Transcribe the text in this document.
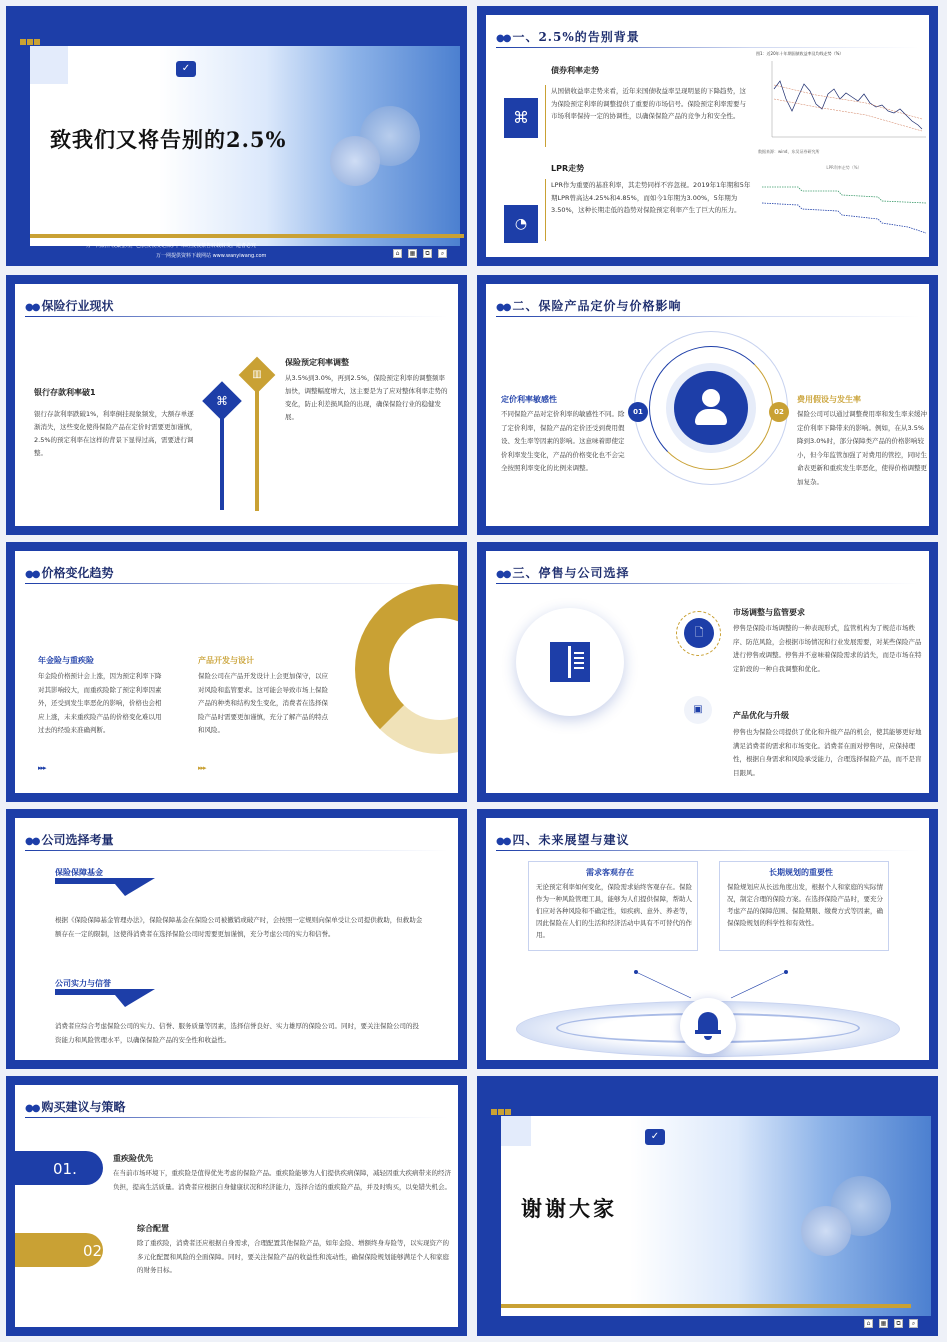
✓
致我们又将告别的2.5%
万一网制作收集整理，已获授权及记保护。未经授权禁售转载转发。违者必究
万一网提供资料下载网站 www.wanyiwang.com	⌂	▦	⧉	⌕
●● 一、2.5%的告别背景
债券利率走势
⌘
从国债收益率走势来看，近年来国债收益率呈现明显的下降趋势，这为保险预定利率的调整提供了重要的市场信号。保险预定利率需要与市场利率保持一定的协调性，以确保保险产品的竞争力和安全性。
LPR走势
◔
LPR作为重要的基准利率，其走势同样不容忽视。2019年1年期和5年期LPR曾高达4.25%和4.85%，而如今1年期为3.00%，5年期为3.50%，这种长期走低的趋势对保险预定利率产生了巨大的压力。
图1：近20年十年期国债收益率及均线走势（%）
数据来源：wind，东吴证券研究所
LPR利率走势（%）
●● 保险行业现状
银行存款利率破1
银行存款利率跌破1%，利率倒挂现象频发，大额存单逐渐消失，这些变化使得保险产品在定价时需要更加谨慎，2.5%的预定利率在这样的背景下显得过高，需要进行调整。
⌘
▥
保险预定利率调整
从3.5%到3.0%，再到2.5%，保险预定利率的调整频率加快，调整幅度增大，这主要是为了应对整体利率走势的变化，防止利差损风险的出现，确保保险行业的稳健发展。
●● 二、保险产品定价与价格影响
01	02
定价利率敏感性
不同保险产品对定价利率的敏感性不同。除了定价利率，保险产品的定价还受到费用假设、发生率等因素的影响。这意味着即使定价利率发生变化，产品的价格变化也不会完全按照利率变化的比例来调整。
费用假设与发生率
保险公司可以通过调整费用率和发生率来缓冲定价利率下降带来的影响。例如，在从3.5%降到3.0%时，部分保障类产品的价格影响较小，但今年监管加强了对费用的管控，同时生命表更新和重疾发生率恶化，使得价格调整更加复杂。
●● 价格变化趋势
年金险与重疾险
年金险价格预计会上涨，因为预定利率下降对其影响较大，而重疾险除了预定利率因素外，还受到发生率恶化的影响，价格也会相应上涨，未来重疾险产品的价格变化难以用过去的经验来准确判断。
▸▸▸
产品开发与设计
保险公司在产品开发设计上会更加保守，以应对风险和监管要求。这可能会导致市场上保险产品的种类和结构发生变化，消费者在选择保险产品时需要更加谨慎，充分了解产品的特点和风险。
▸▸▸
●● 三、停售与公司选择
🗋
▣
市场调整与监管要求
停售是保险市场调整的一种表现形式，监管机构为了规范市场秩序、防范风险，会根据市场情况和行业发展需要，对某些保险产品进行停售或调整。停售并不意味着保险需求的消失，而是市场在特定阶段的一种自我调整和优化。
产品优化与升级
停售也为保险公司提供了优化和升级产品的机会，使其能够更好地满足消费者的需求和市场变化。消费者在面对停售时，应保持理性，根据自身需求和风险承受能力，合理选择保险产品，而不是盲目跟风。
●● 公司选择考量
保险保障基金
根据《保险保障基金管理办法》，保险保障基金在保险公司被撤销或破产时，会按照一定规则向保单受让公司提供救助，但救助金额存在一定的限制，这使得消费者在选择保险公司时需要更加谨慎，充分考虑公司的实力和信誉。
公司实力与信誉
消费者应综合考虑保险公司的实力、信誉、服务质量等因素，选择信誉良好、实力雄厚的保险公司。同时，要关注保险公司的投资能力和风险管理水平，以确保保险产品的安全性和收益性。
●● 四、未来展望与建议
需求客观存在
无论预定利率如何变化，保险需求始终客观存在。保险作为一种风险管理工具，能够为人们提供保障，帮助人们应对各种风险和不确定性，如疾病、意外、养老等，因此保险在人们的生活和经济活动中具有不可替代的作用。
长期规划的重要性
保险规划应从长远角度出发，根据个人和家庭的实际情况，制定合理的保险方案。在选择保险产品时，要充分考虑产品的保障范围、保险期限、缴费方式等因素，确保保险规划的科学性和有效性。
●● 购买建议与策略
01.
重疾险优先
在当前市场环境下，重疾险是值得优先考虑的保险产品。重疾险能够为人们提供疾病保障，减轻因重大疾病带来的经济负担，提高生活质量。消费者应根据自身健康状况和经济能力，选择合适的重疾险产品，并及时购买，以免错失机会。
02.
综合配置
除了重疾险，消费者还应根据自身需求，合理配置其他保险产品，如年金险、增额终身寿险等，以实现资产的多元化配置和风险的全面保障。同时，要关注保险产品的收益性和流动性，确保保险规划能够满足个人和家庭的财务目标。
✓
谢谢大家
⌂	▦	⧉	⌕
